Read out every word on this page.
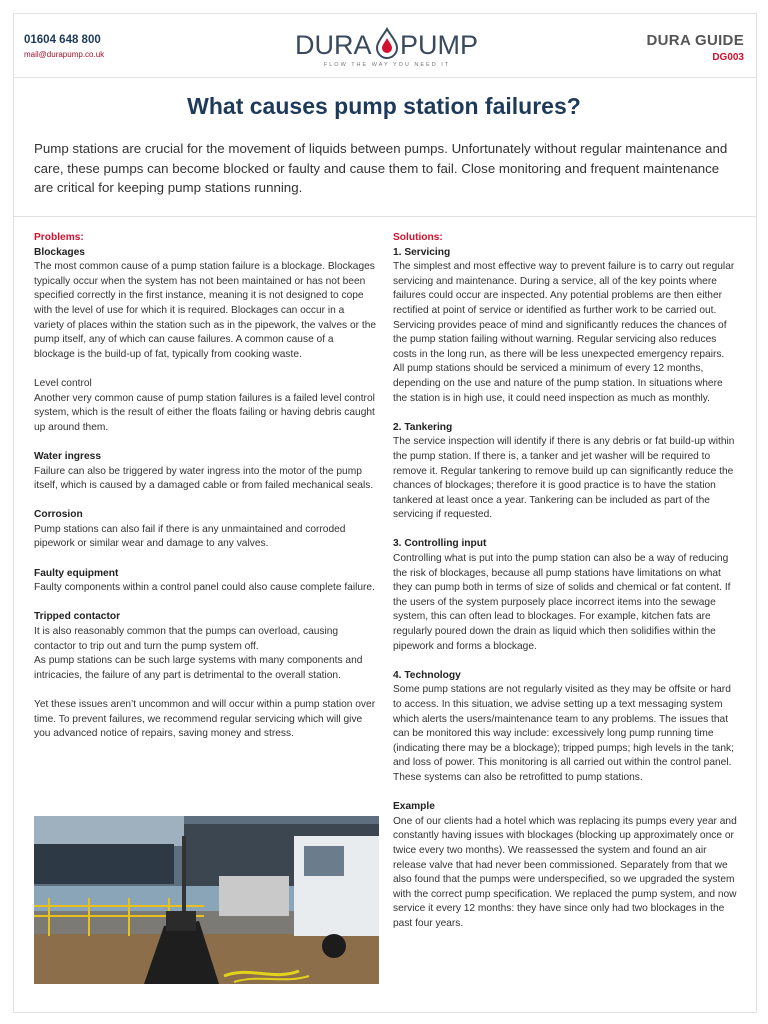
01604 648 800
mail@durapump.co.uk	DURA PUMP
FLOW THE WAY YOU NEED IT
DURA GUIDE
DG003
What causes pump station failures?
Pump stations are crucial for the movement of liquids between pumps. Unfortunately without regular maintenance and care, these pumps can become blocked or faulty and cause them to fail. Close monitoring and frequent maintenance are critical for keeping pump stations running.

Problems:

Blockages

The most common cause of a pump station failure is a blockage. Blockages typically occur when the system has not been maintained or has not been specified correctly in the first instance, meaning it is not designed to cope with the level of use for which it is required. Blockages can occur in a variety of places within the station such as in the pipework, the valves or the pump itself, any of which can cause failures. A common cause of a blockage is the build-up of fat, typically from cooking waste.

Level control

Another very common cause of pump station failures is a failed level control system, which is the result of either the floats failing or having debris caught up around them.

Water ingress

Failure can also be triggered by water ingress into the motor of the pump itself, which is caused by a damaged cable or from failed mechanical seals.

Corrosion

Pump stations can also fail if there is any unmaintained and corroded pipework or similar wear and damage to any valves.

Faulty equipment

Faulty components within a control panel could also cause complete failure.

Tripped contactor

It is also reasonably common that the pumps can overload, causing contactor to trip out and turn the pump system off.

As pump stations can be such large systems with many components and intricacies, the failure of any part is detrimental to the overall station.

Yet these issues aren’t uncommon and will occur within a pump station over time. To prevent failures, we recommend regular servicing which will give you advanced notice of repairs, saving money and stress.

Solutions:

1. Servicing

The simplest and most effective way to prevent failure is to carry out regular servicing and maintenance. During a service, all of the key points where failures could occur are inspected. Any potential problems are then either rectified at point of service or identified as further work to be carried out. Servicing provides peace of mind and significantly reduces the chances of the pump station failing without warning. Regular servicing also reduces costs in the long run, as there will be less unexpected emergency repairs. All pump stations should be serviced a minimum of every 12 months, depending on the use and nature of the pump station. In situations where the station is in high use, it could need inspection as much as monthly.

2. Tankering

The service inspection will identify if there is any debris or fat build-up within the pump station. If there is, a tanker and jet washer will be required to remove it. Regular tankering to remove build up can significantly reduce the chances of blockages; therefore it is good practice is to have the station tankered at least once a year. Tankering can be included as part of the servicing if requested.

3. Controlling input

Controlling what is put into the pump station can also be a way of reducing the risk of blockages, because all pump stations have limitations on what they can pump both in terms of size of solids and chemical or fat content. If the users of the system purposely place incorrect items into the sewage system, this can often lead to blockages. For example, kitchen fats are regularly poured down the drain as liquid which then solidifies within the pipework and forms a blockage.

4. Technology

Some pump stations are not regularly visited as they may be offsite or hard to access. In this situation, we advise setting up a text messaging system which alerts the users/maintenance team to any problems. The issues that can be monitored this way include: excessively long pump running time (indicating there may be a blockage); tripped pumps; high levels in the tank; and loss of power. This monitoring is all carried out within the control panel. These systems can also be retrofitted to pump stations.

Example

One of our clients had a hotel which was replacing its pumps every year and constantly having issues with blockages (blocking up approximately once or twice every two months). We reassessed the system and found an air release valve that had never been commissioned. Separately from that we also found that the pumps were underspecified, so we upgraded the system with the correct pump specification. We replaced the pump system, and now service it every 12 months: they have since only had two blockages in the past four years.
